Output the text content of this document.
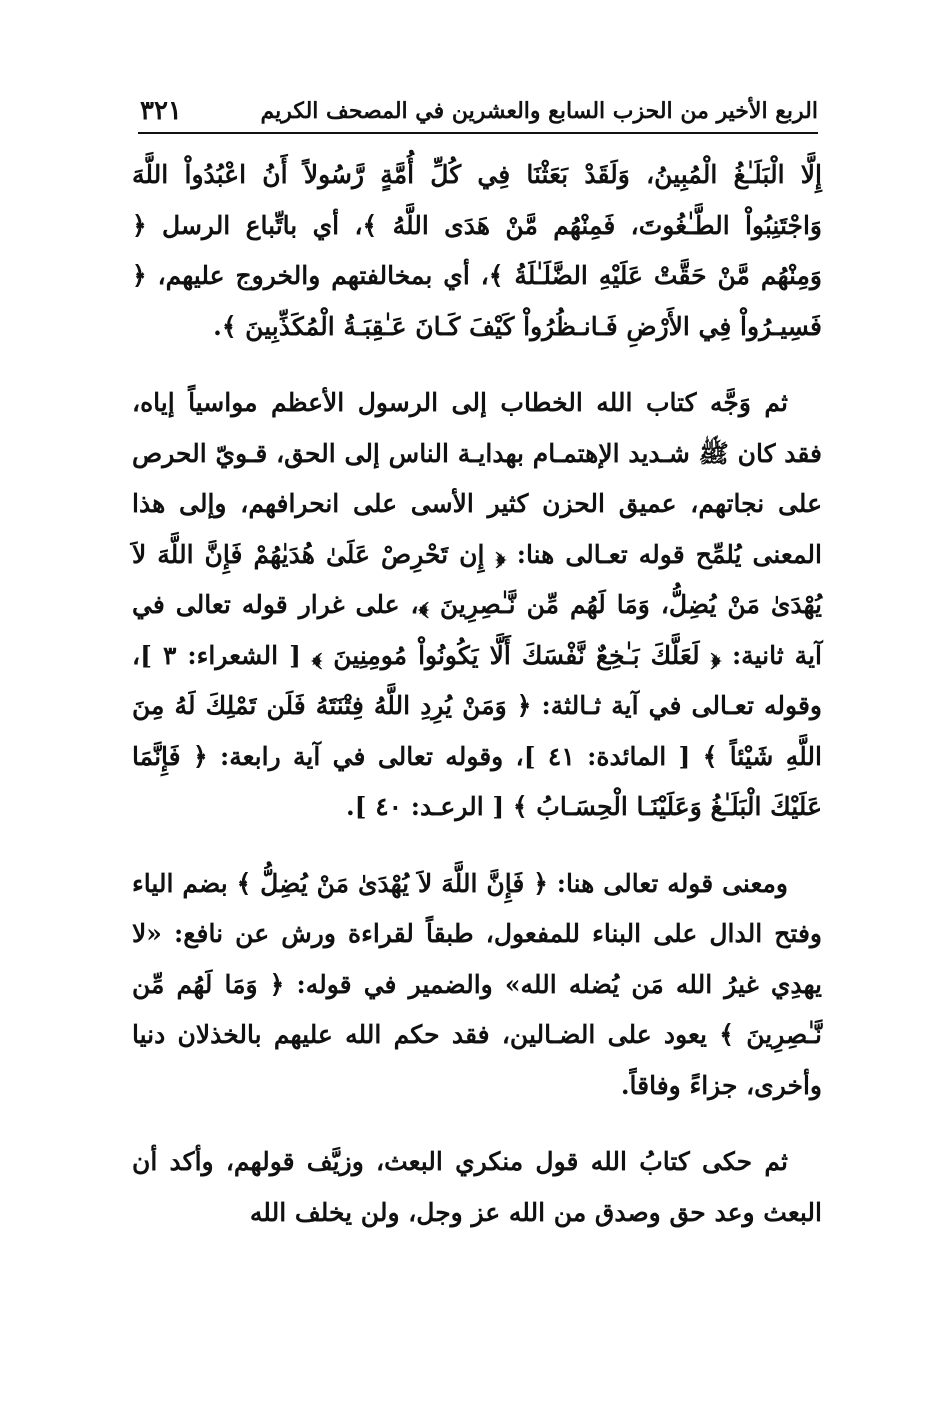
الربع الأخير من الحزب السابع والعشرين في المصحف الكريم
٣٢١

إِلَّا الْبَلَـٰغُ الْمُبِينُ، وَلَقَدْ بَعَثْنَا فِي كُلِّ أُمَّةٍ رَّسُولاً أَنُ اعْبُدُواْ اللَّهَ وَاجْتَنِبُواْ الطَّـٰغُوتَ، فَمِنْهُم مَّنْ هَدَى اللَّهُ ﴾، أي باتِّباع الرسل ﴿ وَمِنْهُم مَّنْ حَقَّتْ عَلَيْهِ الضَّلَـٰلَةُ ﴾، أي بمخالفتهم والخروج عليهم، ﴿ فَسِيـرُواْ فِي الأَرْضِ فَـانـظُرُواْ كَيْفَ كَـانَ عَـٰقِبَـةُ الْمُكَذِّبِينَ ﴾.

ثم وَجَّه كتاب الله الخطاب إلى الرسول الأعظم مواسياً إياه، فقد كان ﷺ شـديد الإهتمـام بهدايـة الناس إلى الحق، قـويّ الحرص على نجاتهم، عميق الحزن كثير الأسى على انحرافهم، وإلى هذا المعنى يُلمِّح قوله تعـالى هنا: ﴿ إِن تَحْرِصْ عَلَىٰ هُدَيٰهُمْ فَإِنَّ اللَّهَ لاَ يُهْدَىٰ مَنْ يُضِلُّ، وَمَا لَهُم مِّن نَّـٰصِرِينَ ﴾، على غرار قوله تعالى في آية ثانية: ﴿ لَعَلَّكَ بَـٰخِعٌ نَّفْسَكَ أَلَّا يَكُونُواْ مُومِنِينَ ﴾ [ الشعراء: ٣ ]، وقوله تعـالى في آية ثـالثة: ﴿ وَمَنْ يُرِدِ اللَّهُ فِتْنَتَهُ فَلَن تَمْلِكَ لَهُ مِنَ اللَّهِ شَيْئاً ﴾ [ المائدة: ٤١ ]، وقوله تعالى في آية رابعة: ﴿ فَإِنَّمَا عَلَيْكَ الْبَلَـٰغُ وَعَلَيْنَـا الْحِسَـابُ ﴾ [ الرعـد: ٤٠ ].

ومعنى قوله تعالى هنا: ﴿ فَإِنَّ اللَّهَ لاَ يُهْدَىٰ مَنْ يُضِلُّ ﴾ بضم الياء وفتح الدال على البناء للمفعول، طبقاً لقراءة ورش عن نافع: «لا يهدِي غيرُ الله مَن يُضله الله» والضمير في قوله: ﴿ وَمَا لَهُم مِّن نَّـٰصِرِينَ ﴾ يعود على الضـالين، فقد حكم الله عليهم بالخذلان دنيا وأخرى، جزاءً وفاقاً.

ثم حكى كتابُ الله قول منكري البعث، وزيَّف قولهم، وأكد أن البعث وعد حق وصدق من الله عز وجل، ولن يخلف الله
